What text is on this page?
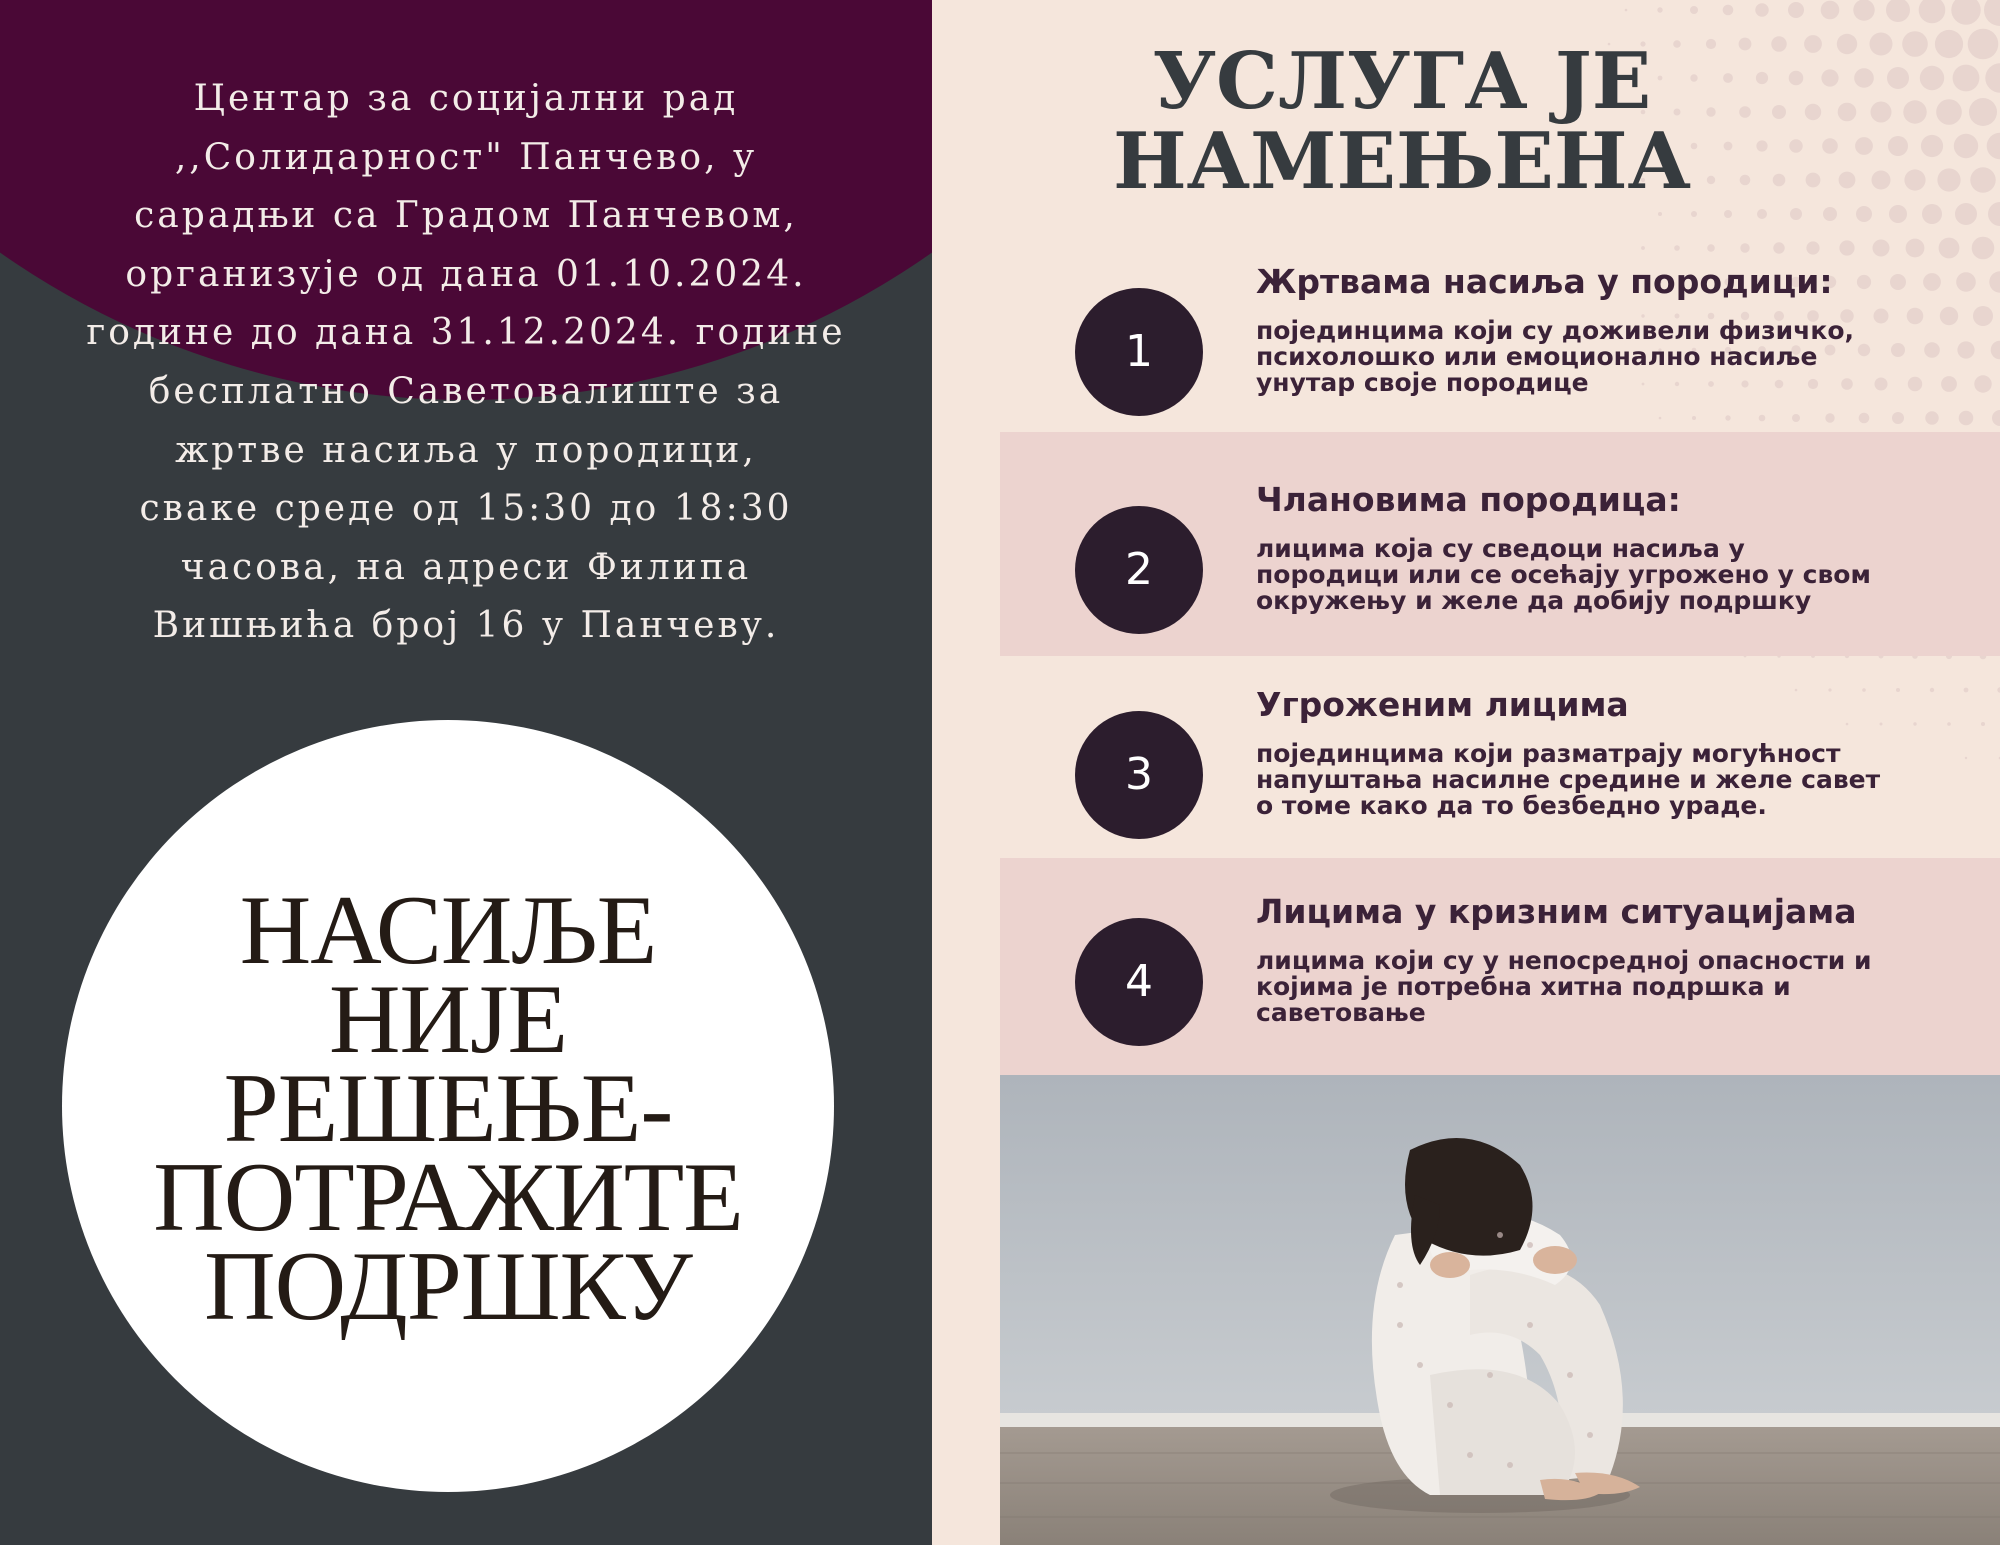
Центар за социјални рад
,,Солидарност" Панчево, у
сарадњи са Градом Панчевом,
организује од дана 01.10.2024.
године до дана 31.12.2024. године
бесплатно Саветовалиште за
жртве насиља у породици,
сваке среде од 15:30 до 18:30
часова, на адреси Филипа
Вишњића број 16 у Панчеву.

НАСИЉЕ
НИЈЕ
РЕШЕЊЕ-
ПОТРАЖИТЕ
ПОДРШКУ

УСЛУГА ЈЕ
НАМЕЊЕНА

1

Жртвама насиља у породици:

појединцима који су доживели физичко,
психолошко или емоционално насиље
унутар своје породице

2

Члановима породица:

лицима која су сведоци насиља у
породици или се осећају угрожено у свом
окружењу и желе да добију подршку

3

Угроженим лицима

појединцима који разматрају могућност
напуштања насилне средине и желе савет
о томе како да то безбедно ураде.

4

Лицима у кризним ситуацијама

лицима који су у непосредној опасности и
којима је потребна хитна подршка и
саветовање
